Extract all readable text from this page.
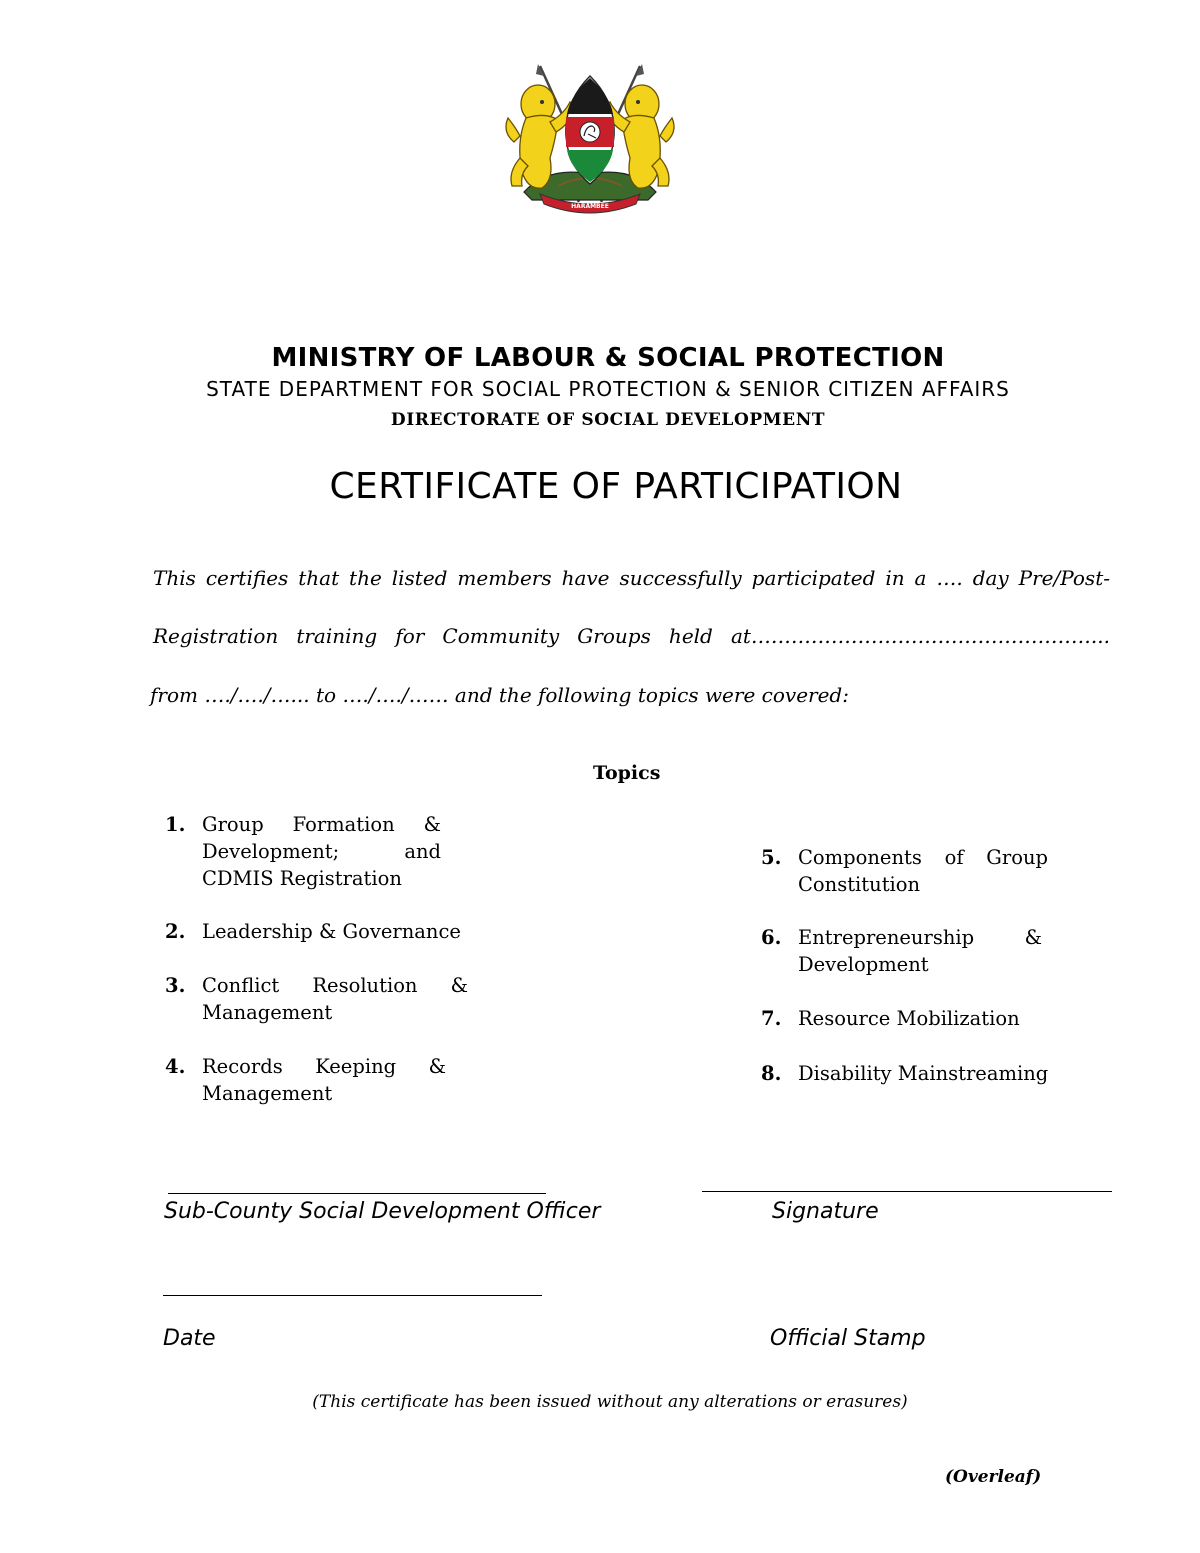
HARAMBEE
MINISTRY OF LABOUR & SOCIAL PROTECTION
STATE DEPARTMENT FOR SOCIAL PROTECTION & SENIOR CITIZEN AFFAIRS
DIRECTORATE OF SOCIAL DEVELOPMENT
CERTIFICATE OF PARTICIPATION
This certifies that the listed members have successfully participated in a …. day Pre/Post-
Registration training for Community Groups held at……………………………………………...
from …./…./…... to …./…./…… and the following topics were covered:
Topics
1. Group Formation & Development; and CDMIS Registration
2. Leadership & Governance
3. Conflict Resolution & Management
4. Records Keeping & Management
5. Components of Group Constitution
6. Entrepreneurship & Development
7. Resource Mobilization
8. Disability Mainstreaming
Sub-County Social Development Officer	Signature
Date	Official Stamp
(This certificate has been issued without any alterations or erasures)
(Overleaf)
